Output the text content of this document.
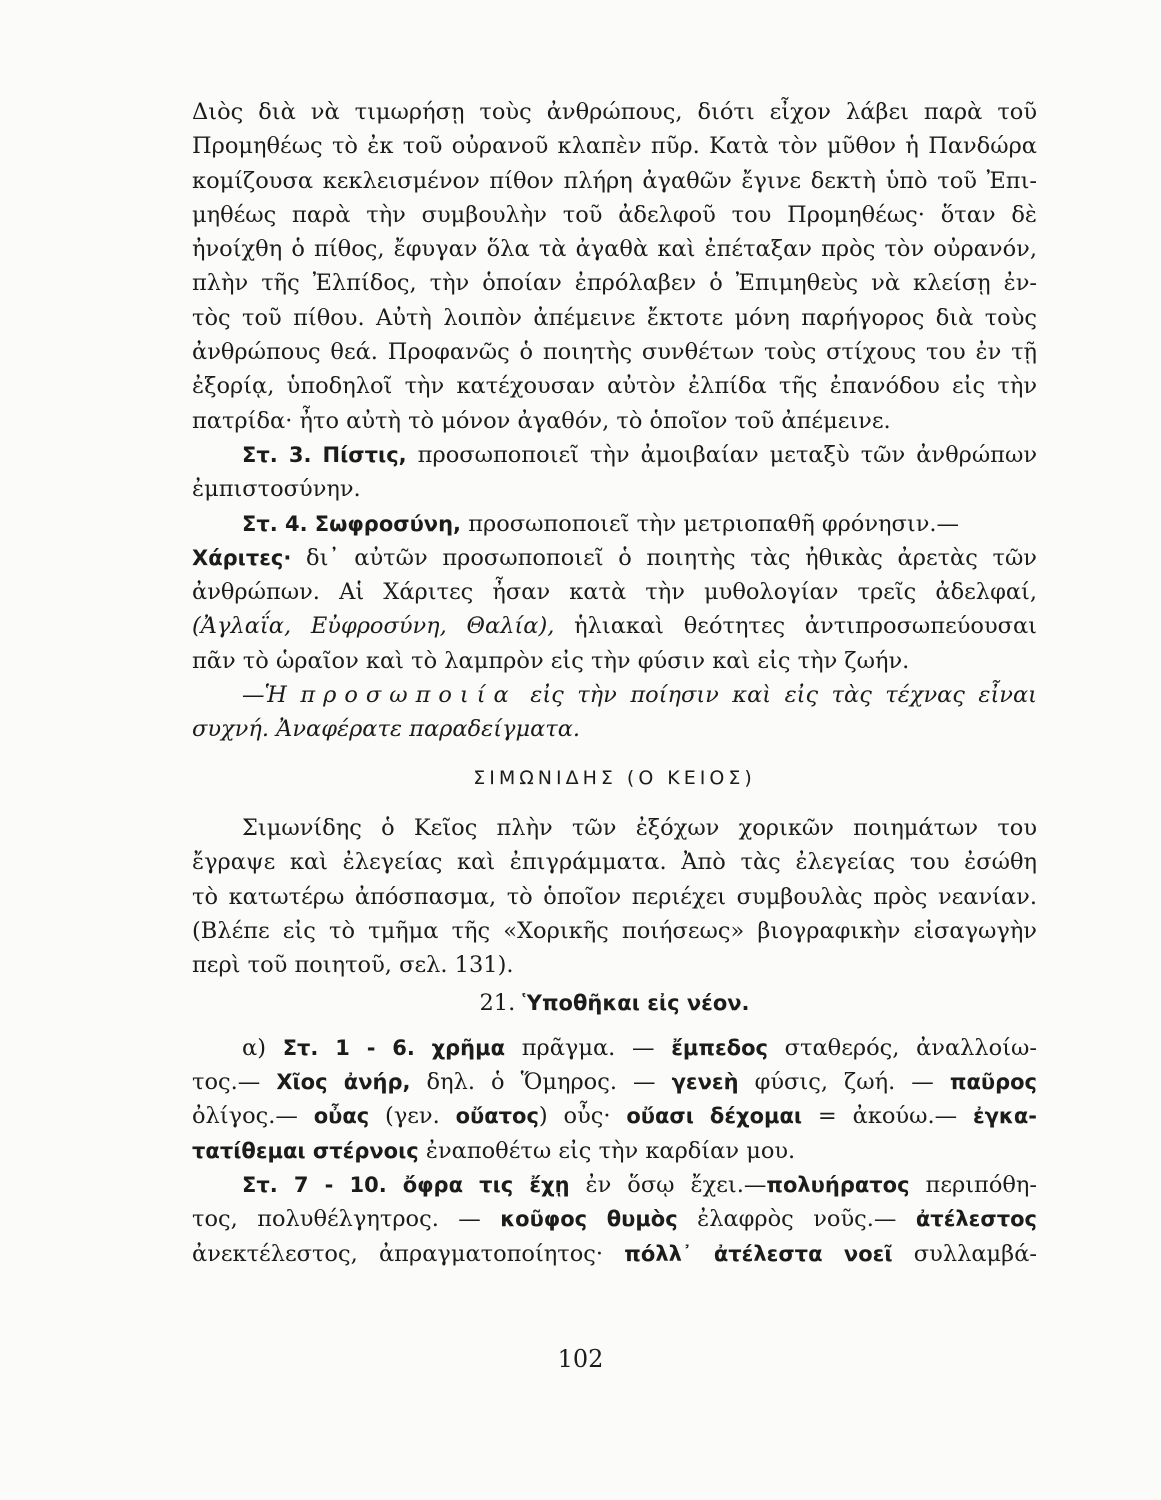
Διὸς διὰ νὰ τιμωρήσῃ τοὺς ἀνθρώπους, διότι εἶχον λάβει παρὰ τοῦ
Προμηθέως τὸ ἐκ τοῦ οὐρανοῦ κλαπὲν πῦρ. Κατὰ τὸν μῦθον ἡ Πανδώρα
κομίζουσα κεκλεισμένον πίθον πλήρη ἀγαθῶν ἔγινε δεκτὴ ὑπὸ τοῦ Ἐπι-
μηθέως παρὰ τὴν συμβουλὴν τοῦ ἀδελφοῦ του Προμηθέως· ὅταν δὲ
ἠνοίχθη ὁ πίθος, ἔφυγαν ὅλα τὰ ἀγαθὰ καὶ ἐπέταξαν πρὸς τὸν οὐρανόν,
πλὴν τῆς Ἐλπίδος, τὴν ὁποίαν ἐπρόλαβεν ὁ Ἐπιμηθεὺς νὰ κλείσῃ ἐν-
τὸς τοῦ πίθου. Αὐτὴ λοιπὸν ἀπέμεινε ἔκτοτε μόνη παρήγορος διὰ τοὺς
ἀνθρώπους θεά. Προφανῶς ὁ ποιητὴς συνθέτων τοὺς στίχους του ἐν τῇ
ἐξορίᾳ, ὑποδηλοῖ τὴν κατέχουσαν αὐτὸν ἐλπίδα τῆς ἐπανόδου εἰς τὴν
πατρίδα· ἦτο αὐτὴ τὸ μόνον ἀγαθόν, τὸ ὁποῖον τοῦ ἀπέμεινε.
Στ. 3. Πίστις, προσωποποιεῖ τὴν ἀμοιβαίαν μεταξὺ τῶν ἀνθρώπων
ἐμπιστοσύνην.
Στ. 4. Σωφροσύνη, προσωποποιεῖ τὴν μετριοπαθῆ φρόνησιν.—
Χάριτες· δι᾽ αὐτῶν προσωποποιεῖ ὁ ποιητὴς τὰς ἠθικὰς ἀρετὰς τῶν
ἀνθρώπων. Αἱ Χάριτες ἦσαν κατὰ τὴν μυθολογίαν τρεῖς ἀδελφαί,
(Ἀγλαΐα, Εὐφροσύνη, Θαλία), ἡλιακαὶ θεότητες ἀντιπροσωπεύουσαι
πᾶν τὸ ὡραῖον καὶ τὸ λαμπρὸν εἰς τὴν φύσιν καὶ εἰς τὴν ζωήν.
—Ἡ προσωποιία εἰς τὴν ποίησιν καὶ εἰς τὰς τέχνας εἶναι
συχνή. Ἀναφέρατε παραδείγματα.
ΣΙΜΩΝΙΔΗΣ (Ο ΚΕΙΟΣ)
Σιμωνίδης ὁ Κεῖος πλὴν τῶν ἐξόχων χορικῶν ποιημάτων του
ἔγραψε καὶ ἐλεγείας καὶ ἐπιγράμματα. Ἀπὸ τὰς ἐλεγείας του ἐσώθη
τὸ κατωτέρω ἀπόσπασμα, τὸ ὁποῖον περιέχει συμβουλὰς πρὸς νεανίαν.
(Βλέπε εἰς τὸ τμῆμα τῆς «Χορικῆς ποιήσεως» βιογραφικὴν εἰσαγωγὴν
περὶ τοῦ ποιητοῦ, σελ. 131).
21. Ὑποθῆκαι εἰς νέον.
α) Στ. 1 - 6. χρῆμα πρᾶγμα. — ἔμπεδος σταθερός, ἀναλλοίω-
τος.— Χῖος ἀνήρ, δηλ. ὁ Ὅμηρος. — γενεὴ φύσις, ζωή. — παῦρος
ὀλίγος.— οὖας (γεν. οὔατος) οὖς· οὔασι δέχομαι = ἀκούω.— ἐγκα-
τατίθεμαι στέρνοις ἐναποθέτω εἰς τὴν καρδίαν μου.
Στ. 7 - 10. ὄφρα τις ἔχῃ ἐν ὅσῳ ἔχει.—πολυήρατος περιπόθη-
τος, πολυθέλγητρος. — κοῦφος θυμὸς ἐλαφρὸς νοῦς.— ἀτέλεστος
ἀνεκτέλεστος, ἀπραγματοποίητος· πόλλ᾽ ἀτέλεστα νοεῖ συλλαμβά-
102
